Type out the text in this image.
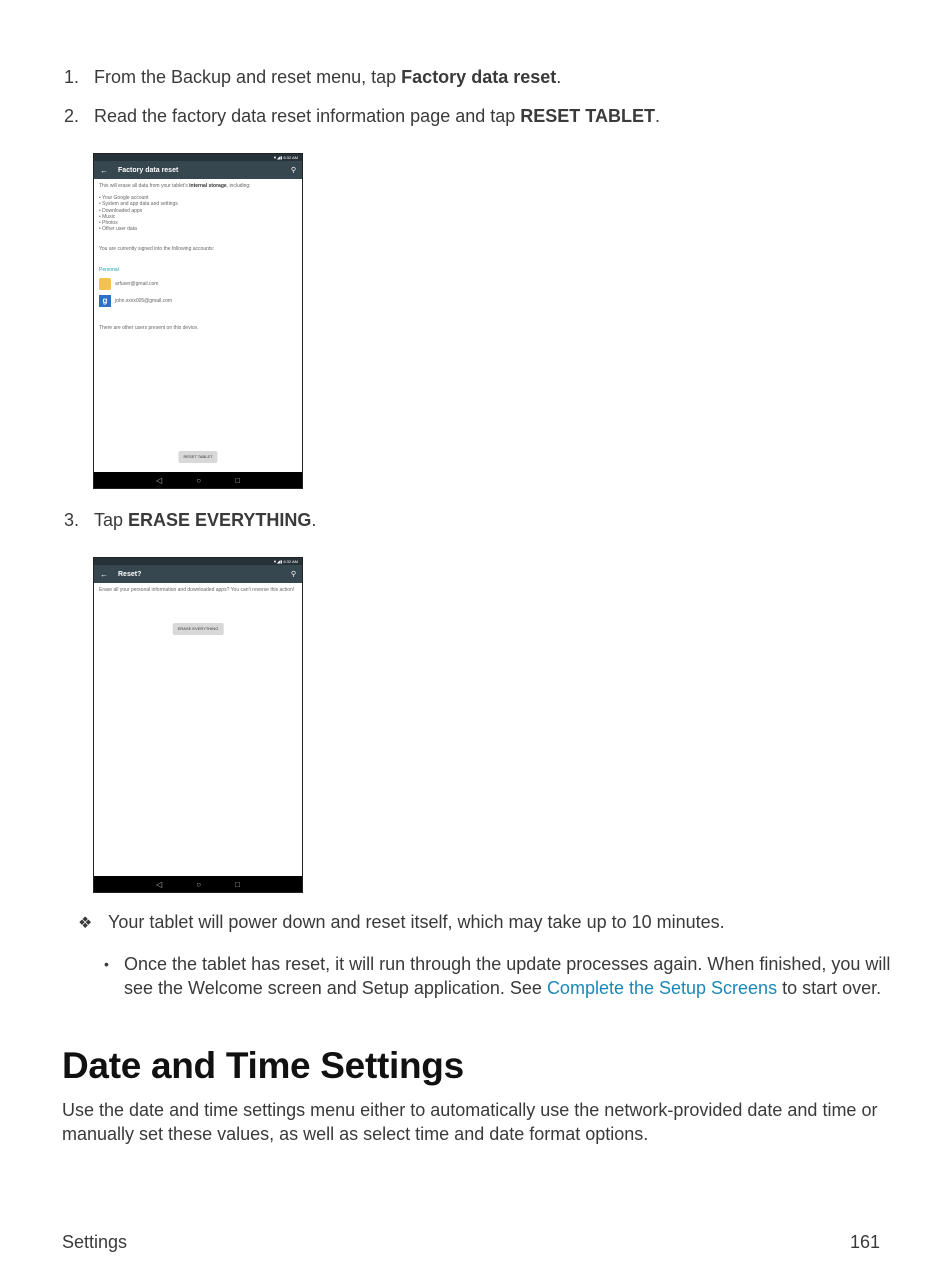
1. From the Backup and reset menu, tap Factory data reset.
2. Read the factory data reset information page and tap RESET TABLET.
▼◢▮ 6:32 AM
←	Factory data reset	⚲
This will erase all data from your tablet's internal storage, including:
• Your Google account
• System and app data and settings
• Downloaded apps
• Music
• Photos
• Other user data
You are currently signed into the following accounts:
Personal
arfuser@gmail.com
g	john.xxxx005@gmail.com
There are other users present on this device.
RESET TABLET
◁	○	□
3. Tap ERASE EVERYTHING.
▼◢▮ 6:32 AM
←	Reset?	⚲
Erase all your personal information and downloaded apps? You can't reverse this action!
ERASE EVERYTHING
◁	○	□
❖ Your tablet will power down and reset itself, which may take up to 10 minutes.
• Once the tablet has reset, it will run through the update processes again. When finished, you will see the Welcome screen and Setup application. See Complete the Setup Screens to start over.
Date and Time Settings
Use the date and time settings menu either to automatically use the network-provided date and time or manually set these values, as well as select time and date format options.
Settings	161
